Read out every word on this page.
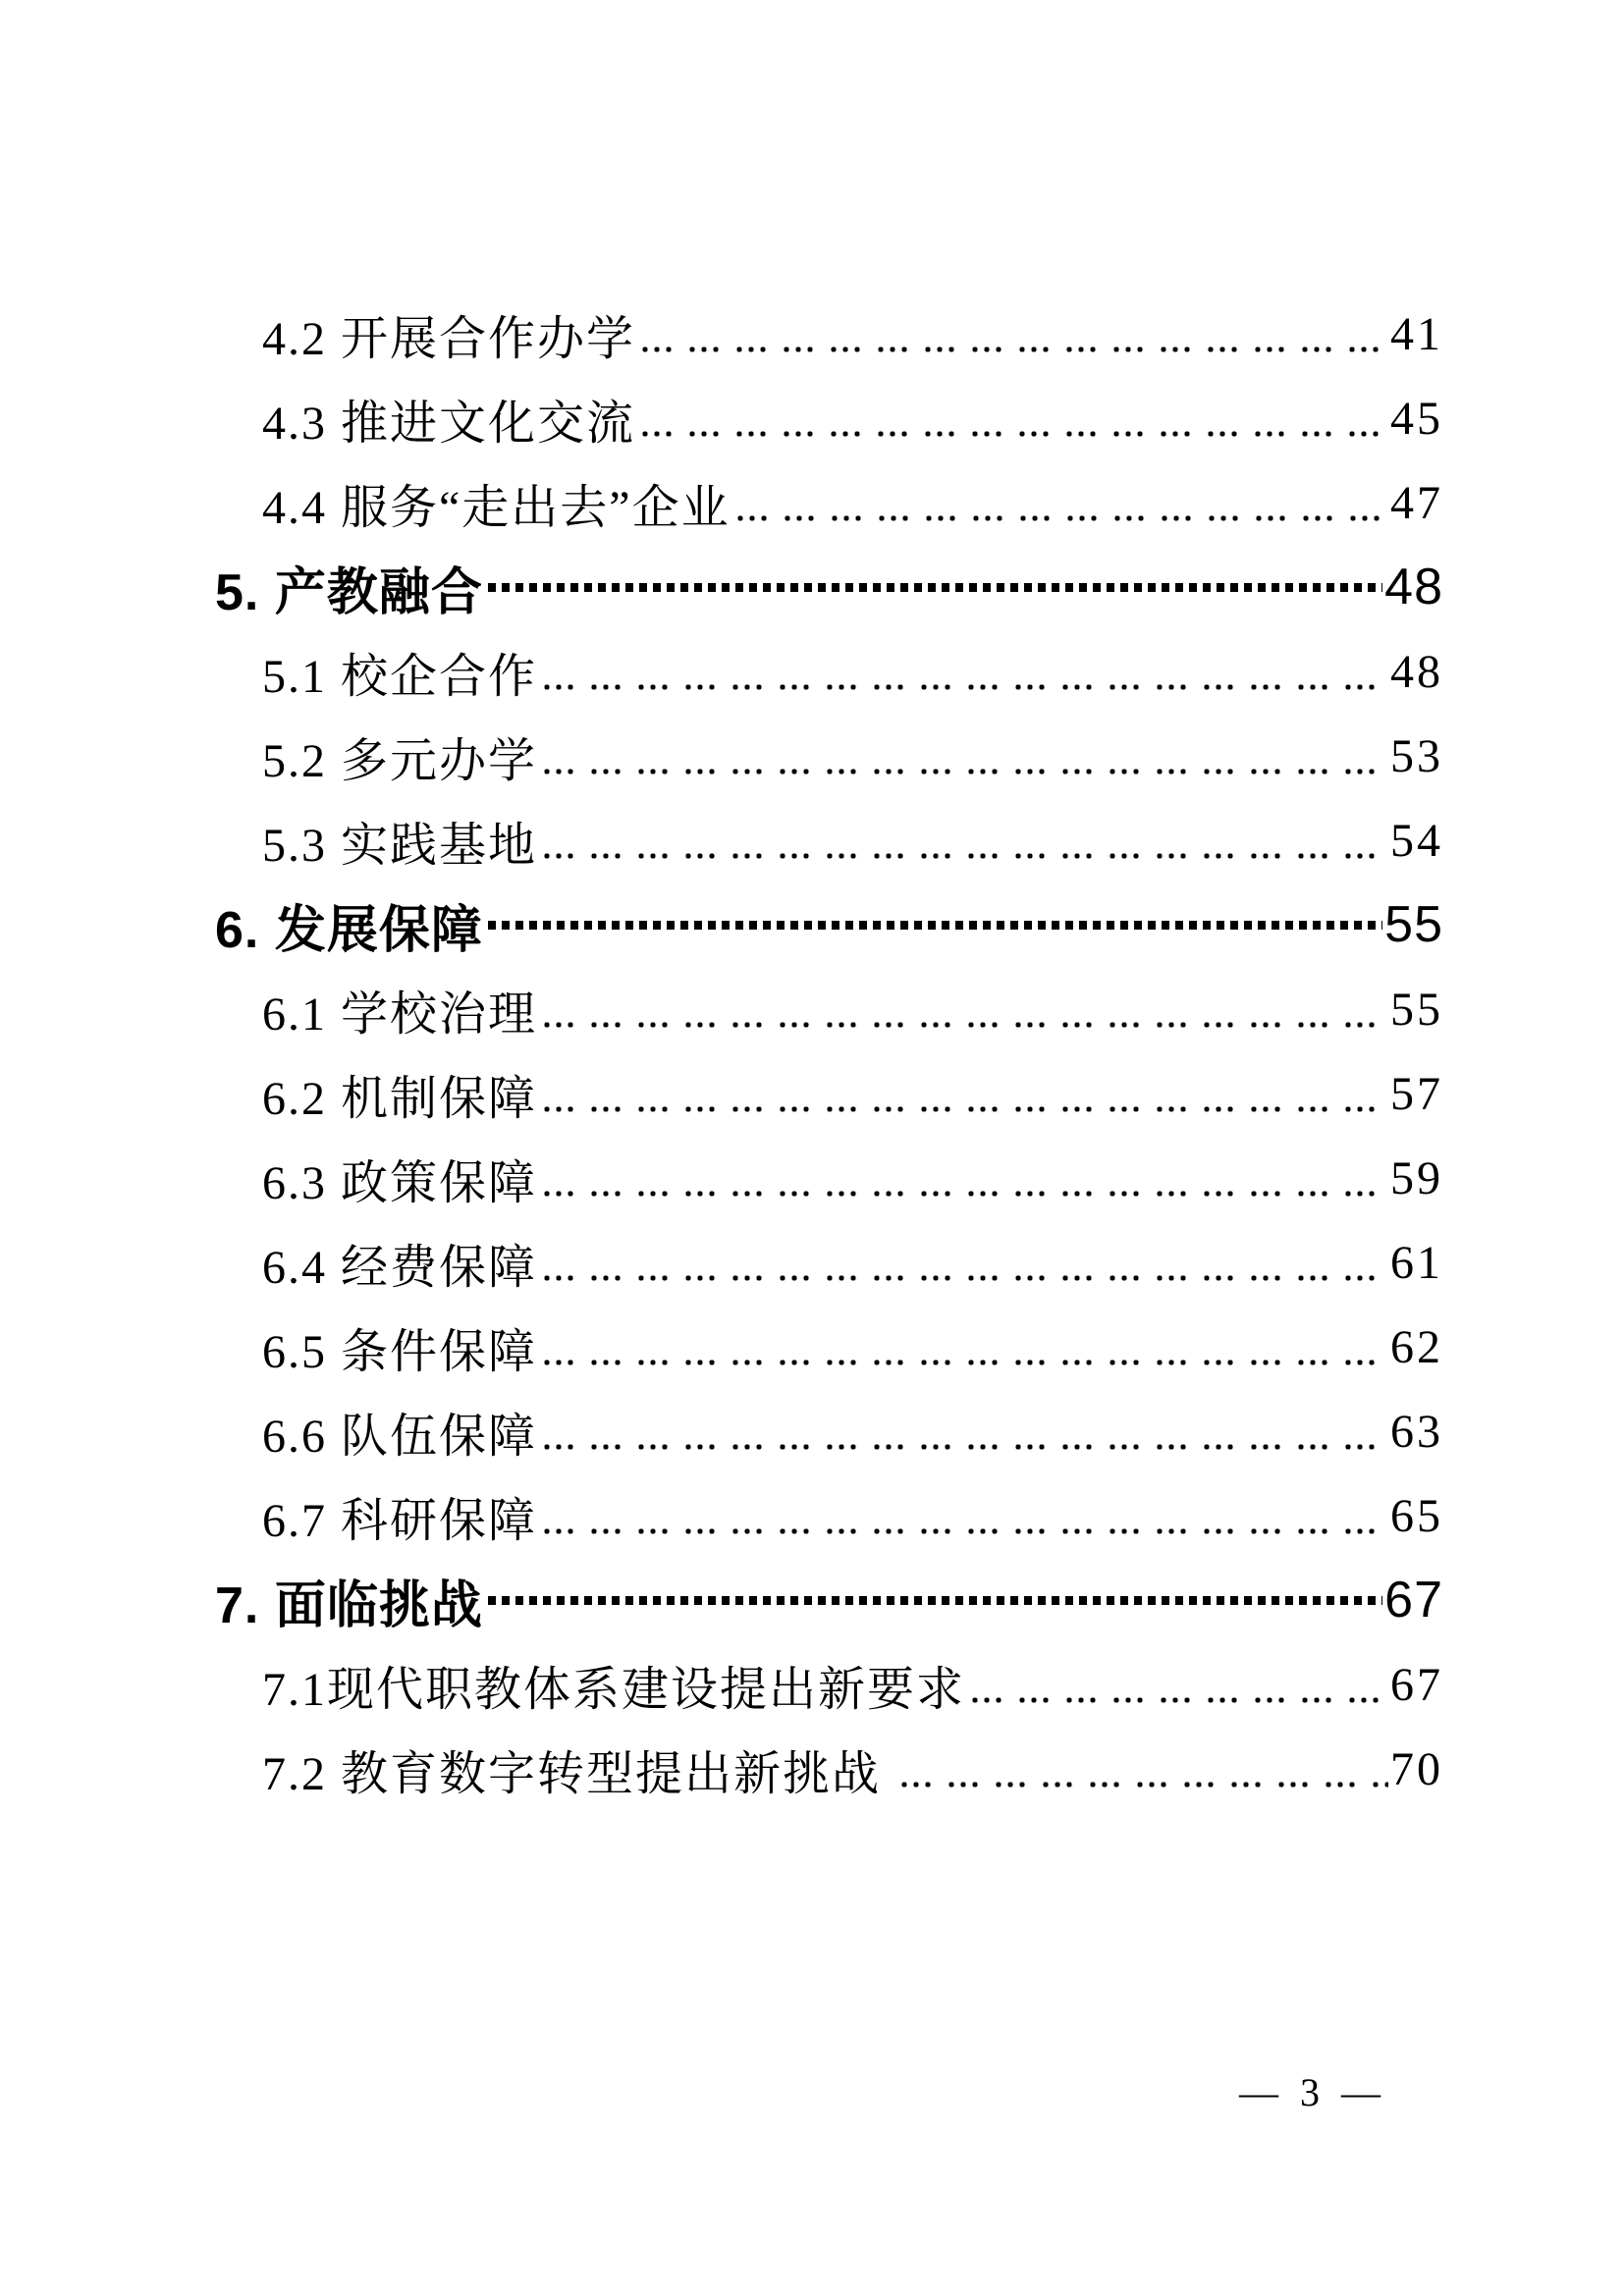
4.2 开展合作办学	41
4.3 推进文化交流	45
4.4 服务“走出去”企业	47
5. 产教融合	48
5.1 校企合作	48
5.2 多元办学	53
5.3 实践基地	54
6. 发展保障	55
6.1 学校治理	55
6.2 机制保障	57
6.3 政策保障	59
6.4 经费保障	61
6.5 条件保障	62
6.6 队伍保障	63
6.7 科研保障	65
7. 面临挑战	67
7.1现代职教体系建设提出新要求	67
7.2 教育数字转型提出新挑战	70
— 3 —
